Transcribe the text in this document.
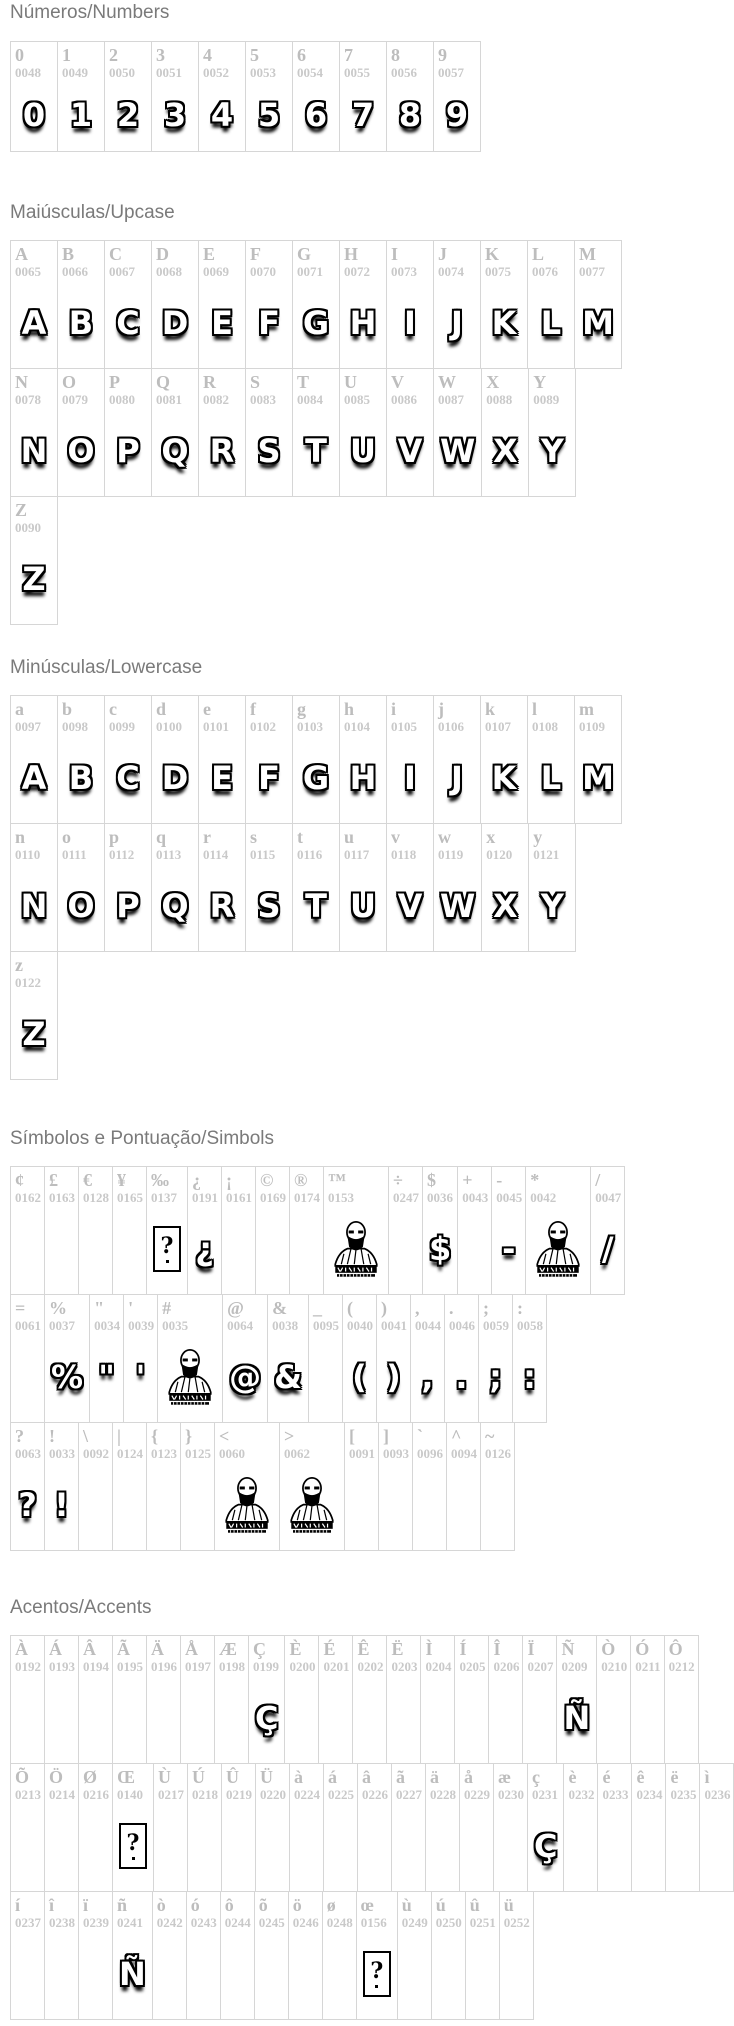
Números/Numbers
0
0048
0
1
0049
1
2
0050
2
3
0051
3
4
0052
4
5
0053
5
6
0054
6
7
0055
7
8
0056
8
9
0057
9
Maiúsculas/Upcase
A
0065
A
B
0066
B
C
0067
C
D
0068
D
E
0069
E
F
0070
F
G
0071
G
H
0072
H
I
0073
I
J
0074
J
K
0075
K
L
0076
L
M
0077
M
N
0078
N
O
0079
O
P
0080
P
Q
0081
Q
R
0082
R
S
0083
S
T
0084
T
U
0085
U
V
0086
V
W
0087
W
X
0088
X
Y
0089
Y
Z
0090
Z
Minúsculas/Lowercase
a
0097
A
b
0098
B
c
0099
C
d
0100
D
e
0101
E
f
0102
F
g
0103
G
h
0104
H
i
0105
I
j
0106
J
k
0107
K
l
0108
L
m
0109
M
n
0110
N
o
0111
O
p
0112
P
q
0113
Q
r
0114
R
s
0115
S
t
0116
T
u
0117
U
v
0118
V
w
0119
W
x
0120
X
y
0121
Y
z
0122
Z
Símbolos e Pontuação/Simbols
¢
0162
£
0163
€
0128
¥
0165
‰
0137
?
¿
0191
¿
¡
0161
©
0169
®
0174
™
0153
÷
0247
$
0036
$
+
0043
-
0045
-
*
0042
/
0047
/
=
0061
%
0037
%
"
0034
"
'
0039
'
#
0035
@
0064
@
&
0038
&
_
0095
(
0040
(
)
0041
)
,
0044
,
.
0046
.
;
0059
;
:
0058
:
?
0063
?
!
0033
!
\
0092
|
0124
{
0123
}
0125
<
0060
>
0062
[
0091
]
0093
`
0096
^
0094
~
0126
Acentos/Accents
À
0192
Á
0193
Â
0194
Ã
0195
Ä
0196
Å
0197
Æ
0198
Ç
0199
Ç
È
0200
É
0201
Ê
0202
Ë
0203
Ì
0204
Í
0205
Î
0206
Ï
0207
Ñ
0209
Ñ
Ò
0210
Ó
0211
Ô
0212
Õ
0213
Ö
0214
Ø
0216
Œ
0140
?
Ù
0217
Ú
0218
Û
0219
Ü
0220
à
0224
á
0225
â
0226
ã
0227
ä
0228
å
0229
æ
0230
ç
0231
Ç
è
0232
é
0233
ê
0234
ë
0235
ì
0236
í
0237
î
0238
ï
0239
ñ
0241
Ñ
ò
0242
ó
0243
ô
0244
õ
0245
ö
0246
ø
0248
œ
0156
?
ù
0249
ú
0250
û
0251
ü
0252
